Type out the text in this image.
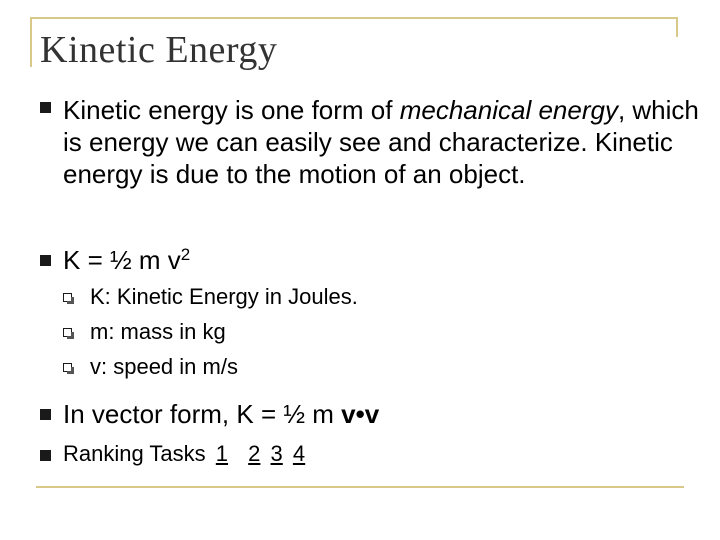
Kinetic Energy

Kinetic energy is one form of mechanical energy, which is energy we can easily see and characterize. Kinetic energy is due to the motion of an object.

K = ½ m $v^2$

K: Kinetic Energy in Joules.

m: mass in kg

v: speed in m/s

In vector form, K = ½ m v•v

Ranking Tasks 1 2 3 4
